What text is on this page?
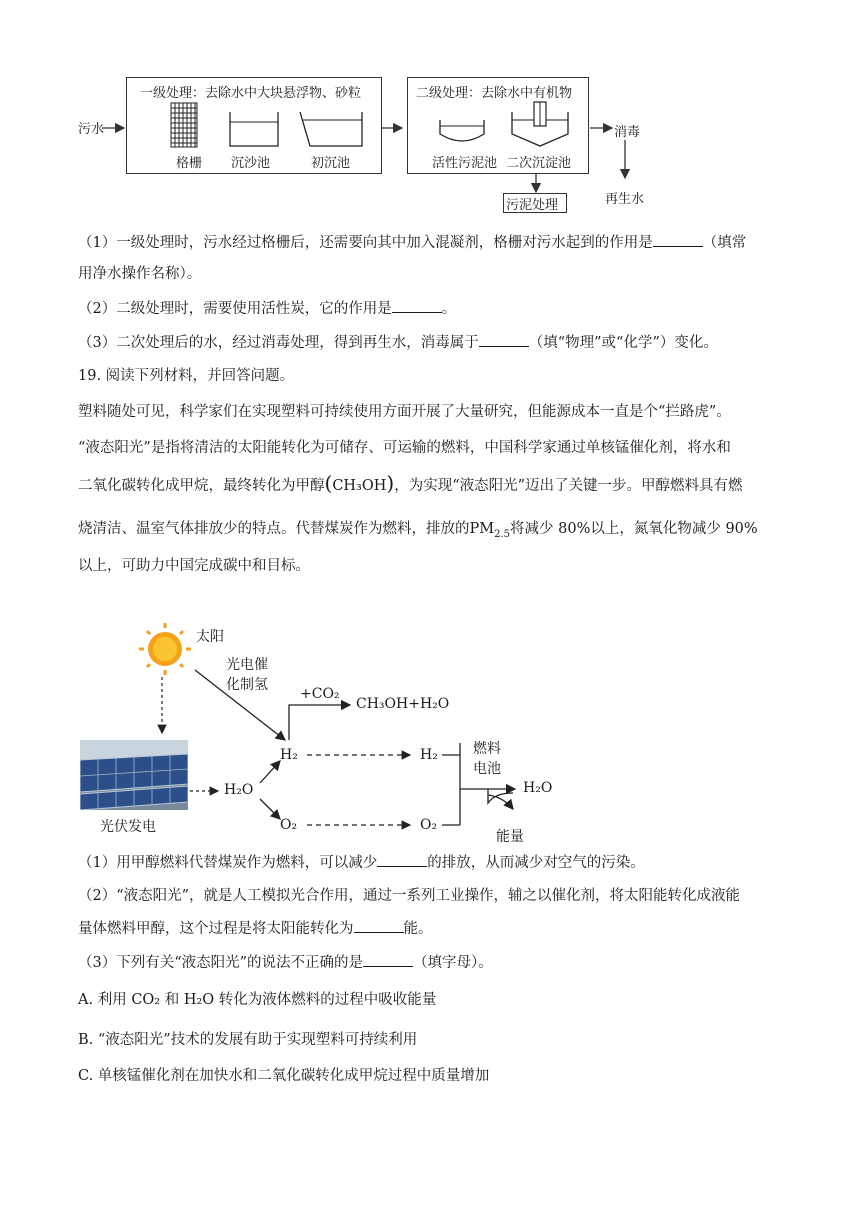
污水
一级处理：去除水中大块悬浮物、砂粒
格栅 沉沙池	初沉池
二级处理：去除水中有机物
活性污泥池 二次沉淀池
污泥处理
消毒
再生水
（1）一级处理时，污水经过格栅后，还需要向其中加入混凝剂，格栅对污水起到的作用是	（填常
用净水操作名称）。
（2）二级处理时，需要使用活性炭，它的作用是	。
（3）二次处理后的水，经过消毒处理，得到再生水，消毒属于	（填“物理”或“化学”）变化。
19. 阅读下列材料，并回答问题。
塑料随处可见，科学家们在实现塑料可持续使用方面开展了大量研究，但能源成本一直是个“拦路虎”。
“液态阳光”是指将清洁的太阳能转化为可储存、可运输的燃料，中国科学家通过单核锰催化剂，将水和
二氧化碳转化成甲烷，最终转化为甲醇(CH₃OH)，为实现“液态阳光”迈出了关键一步。甲醇燃料具有燃
烧清洁、温室气体排放少的特点。代替煤炭作为燃料，排放的$PM_{2.5}$将减少 80%以上，氮氧化物减少 90%
以上，可助力中国完成碳中和目标。
太阳
光电催
化制氢
+CO₂
CH₃OH+H₂O
H₂	H₂
H₂O
O₂	O₂
燃料
电池
H₂O
能量
光伏发电
（1）用甲醇燃料代替煤炭作为燃料，可以减少	的排放，从而减少对空气的污染。
（2）“液态阳光”，就是人工模拟光合作用，通过一系列工业操作，辅之以催化剂，将太阳能转化成液能
量体燃料甲醇，这个过程是将太阳能转化为	能。
（3）下列有关“液态阳光”的说法不正确的是	（填字母）。
A. 利用 CO₂ 和 H₂O 转化为液体燃料的过程中吸收能量
B. “液态阳光”技术的发展有助于实现塑料可持续利用
C. 单核锰催化剂在加快水和二氧化碳转化成甲烷过程中质量增加
